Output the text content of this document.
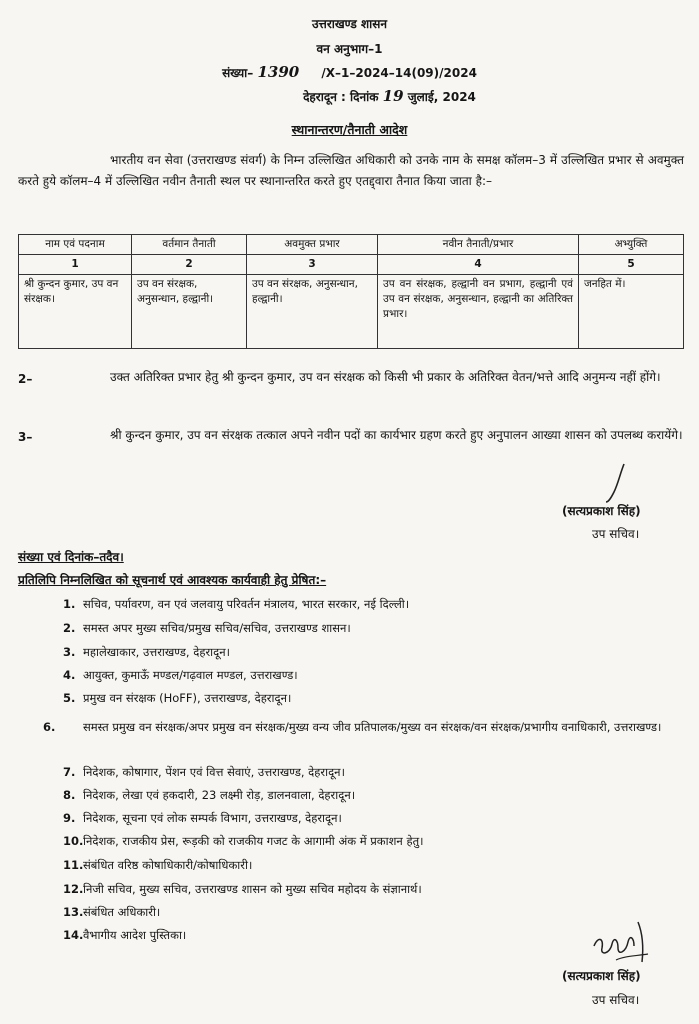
उत्तराखण्ड शासन
वन अनुभाग–1
संख्या– 1390 /X–1–2024–14(09)/2024
देहरादून : दिनांक 19 जुलाई, 2024
स्थानान्तरण/तैनाती आदेश
भारतीय वन सेवा (उत्तराखण्ड संवर्ग) के निम्न उल्लिखित अधिकारी को उनके नाम के समक्ष कॉलम–3 में उल्लिखित प्रभार से अवमुक्त करते हुये कॉलम–4 में उल्लिखित नवीन तैनाती स्थल पर स्थानान्तरित करते हुए एतद्द्वारा तैनात किया जाता है:–
नाम एवं पदनाम	वर्तमान तैनाती	अवमुक्त प्रभार	नवीन तैनाती/प्रभार	अभ्युक्ति
1	2	3	4	5
श्री कुन्दन कुमार, उप वन संरक्षक।	उप वन संरक्षक, अनुसन्धान, हल्द्वानी।	उप वन संरक्षक, अनुसन्धान, हल्द्वानी।	उप वन संरक्षक, हल्द्वानी वन प्रभाग, हल्द्वानी एवं उप वन संरक्षक, अनुसन्धान, हल्द्वानी का अतिरिक्त प्रभार।	जनहित में।
2–	उक्त अतिरिक्त प्रभार हेतु श्री कुन्दन कुमार, उप वन संरक्षक को किसी भी प्रकार के अतिरिक्त वेतन/भत्ते आदि अनुमन्य नहीं होंगे।
3–	श्री कुन्दन कुमार, उप वन संरक्षक तत्काल अपने नवीन पदों का कार्यभार ग्रहण करते हुए अनुपालन आख्या शासन को उपलब्ध करायेंगे।
(सत्यप्रकाश सिंह)
उप सचिव।
संख्या एवं दिनांक–तदैव।
प्रतिलिपि निम्नलिखित को सूचनार्थ एवं आवश्यक कार्यवाही हेतु प्रेषित:–
1. सचिव, पर्यावरण, वन एवं जलवायु परिवर्तन मंत्रालय, भारत सरकार, नई दिल्ली।
2. समस्त अपर मुख्य सचिव/प्रमुख सचिव/सचिव, उत्तराखण्ड शासन।
3. महालेखाकार, उत्तराखण्ड, देहरादून।
4. आयुक्त, कुमाऊँ मण्डल/गढ़वाल मण्डल, उत्तराखण्ड।
5. प्रमुख वन संरक्षक (HoFF), उत्तराखण्ड, देहरादून।
6. समस्त प्रमुख वन संरक्षक/अपर प्रमुख वन संरक्षक/मुख्य वन्य जीव प्रतिपालक/मुख्य वन संरक्षक/वन संरक्षक/प्रभागीय वनाधिकारी, उत्तराखण्ड।
7. निदेशक, कोषागार, पेंशन एवं वित्त सेवाएं, उत्तराखण्ड, देहरादून।
8. निदेशक, लेखा एवं हकदारी, 23 लक्ष्मी रोड़, डालनवाला, देहरादून।
9. निदेशक, सूचना एवं लोक सम्पर्क विभाग, उत्तराखण्ड, देहरादून।
10.निदेशक, राजकीय प्रेस, रूड़की को राजकीय गजट के आगामी अंक में प्रकाशन हेतु।
11.संबंधित वरिष्ठ कोषाधिकारी/कोषाधिकारी।
12.निजी सचिव, मुख्य सचिव, उत्तराखण्ड शासन को मुख्य सचिव महोदय के संज्ञानार्थ।
13.संबंधित अधिकारी।
14.वैभागीय आदेश पुस्तिका।
(सत्यप्रकाश सिंह)
उप सचिव।
